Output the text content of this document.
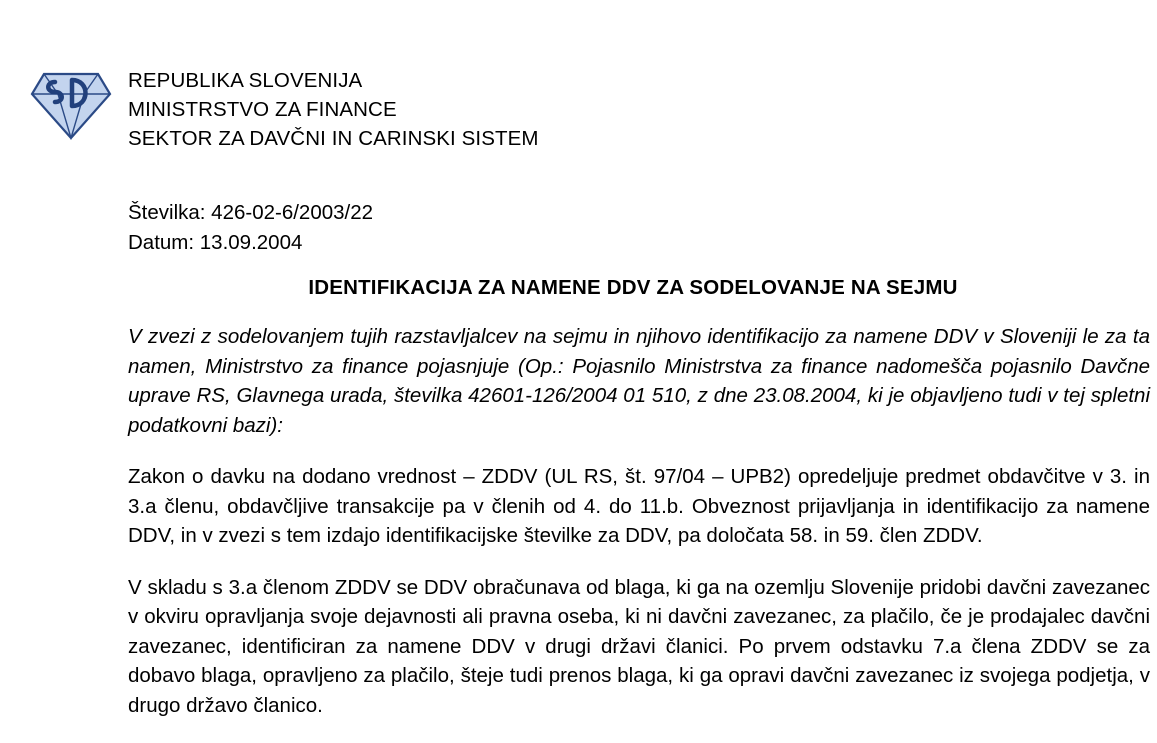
REPUBLIKA SLOVENIJA
MINISTRSTVO ZA FINANCE
SEKTOR ZA DAVČNI IN CARINSKI SISTEM
Številka: 426-02-6/2003/22
Datum: 13.09.2004
IDENTIFIKACIJA ZA NAMENE DDV ZA SODELOVANJE NA SEJMU

V zvezi z sodelovanjem tujih razstavljalcev na sejmu in njihovo identifikacijo za namene DDV v Sloveniji le za ta namen, Ministrstvo za finance pojasnjuje (Op.: Pojasnilo Ministrstva za finance nadomešča pojasnilo Davčne uprave RS, Glavnega urada, številka 42601-126/2004 01 510, z dne 23.08.2004, ki je objavljeno tudi v tej spletni podatkovni bazi):

Zakon o davku na dodano vrednost – ZDDV (UL RS, št. 97/04 – UPB2) opredeljuje predmet obdavčitve v 3. in 3.a členu, obdavčljive transakcije pa v členih od 4. do 11.b. Obveznost prijavljanja in identifikacijo za namene DDV, in v zvezi s tem izdajo identifikacijske številke za DDV, pa določata 58. in 59. člen ZDDV.

V skladu s 3.a členom ZDDV se DDV obračunava od blaga, ki ga na ozemlju Slovenije pridobi davčni zavezanec v okviru opravljanja svoje dejavnosti ali pravna oseba, ki ni davčni zavezanec, za plačilo, če je prodajalec davčni zavezanec, identificiran za namene DDV v drugi državi članici. Po prvem odstavku 7.a člena ZDDV se za dobavo blaga, opravljeno za plačilo, šteje tudi prenos blaga, ki ga opravi davčni zavezanec iz svojega podjetja, v drugo državo članico.
